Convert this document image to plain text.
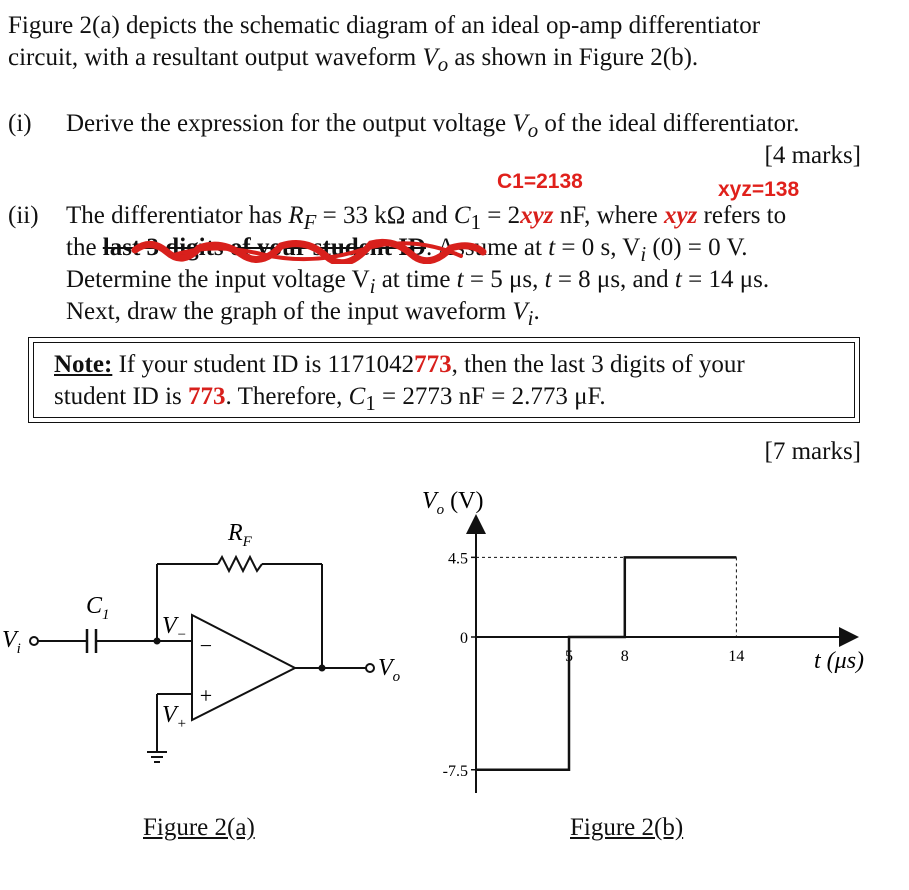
Figure 2(a) depicts the schematic diagram of an ideal op-amp differentiator
circuit, with a resultant output waveform $V_o$ as shown in Figure 2(b).
(i) Derive the expression for the output voltage $V_o$ of the ideal differentiator.
[4 marks]
C1=2138	xyz=138
(ii) The differentiator has $R_F = 33$ kΩ and $C_1 = 2xyz$ nF, where xyz refers to
the last 3 digits of your student ID
. Assume at t = 0 s, $V_i$ (0) = 0 V.
Determine the input voltage $V_i$ at time t = 5 μs, t = 8 μs, and t = 14 μs.
Next, draw the graph of the input waveform $V_i$.
Note: If your student ID is 1171042773, then the last 3 digits of your
student ID is 773. Therefore, $C_1 = 2773$ nF = 2.773 μF.
[7 marks]
−
+
$R_F$
$C_1$
$V_i$
$V_-$
$V_+$
$V_o$
Figure 2(a)
4.5
0
-7.5
5	8	14
$V_o$ (V)
t (μs)
Figure 2(b)
